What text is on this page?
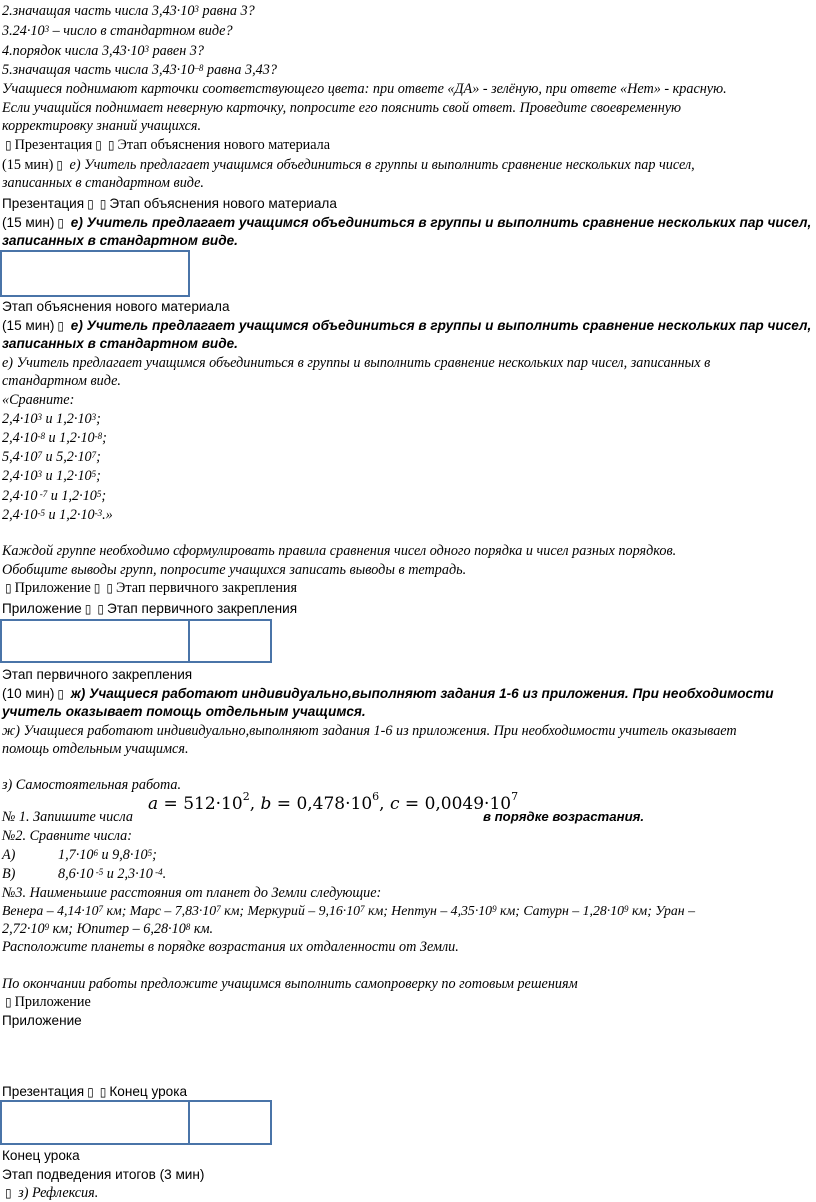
2.значащая часть числа $3,43\cdot 10^3$ равна 3?
$3.24\cdot 10^3$ – число в стандартном виде?
4.порядок числа $3,43\cdot 10^3$ равен 3?
5.значащая часть числа $3,43\cdot 10^{-8}$ равна 3,43?
Учащиеся поднимают карточки соответствующего цвета: при ответе «ДА» - зелёную, при ответе «Нет» - красную.
Если учащийся поднимает неверную карточку, попросите его пояснить свой ответ. Проведите своевременную
корректировку знаний учащихся.
▯ Презентация ▯ ▯ Этап объяснения нового материала
(15 мин) ▯ е) Учитель предлагает учащимся объединиться в группы и выполнить сравнение нескольких пар чисел,
записанных в стандартном виде.
Презентация ▯ ▯ Этап объяснения нового материала
(15 мин) ▯ е) Учитель предлагает учащимся объединиться в группы и выполнить сравнение нескольких пар чисел,
записанных в стандартном виде.
Этап объяснения нового материала
(15 мин) ▯ е) Учитель предлагает учащимся объединиться в группы и выполнить сравнение нескольких пар чисел,
записанных в стандартном виде.
е) Учитель предлагает учащимся объединиться в группы и выполнить сравнение нескольких пар чисел, записанных в
стандартном виде.
«Сравните:
$2,4\cdot 10^3$ и $1,2\cdot 10^3$;
$2,4\cdot 10^{-8}$ и $1,2\cdot 10^{-8}$;
$5,4\cdot 10^7$ и $5,2\cdot 10^7$;
$2,4\cdot 10^3$ и $1,2\cdot 10^5$;
2,4·10 $^{-7}$ и $1,2\cdot 10^5$;
$2,4\cdot 10^{-5}$ и $1,2\cdot 10^{-3}$.»
Каждой группе необходимо сформулировать правила сравнения чисел одного порядка и чисел разных порядков.
Обобщите выводы групп, попросите учащихся записать выводы в тетрадь.
▯ Приложение ▯ ▯ Этап первичного закрепления
Приложение ▯ ▯ Этап первичного закрепления
Этап первичного закрепления
(10 мин) ▯ ж) Учащиеся работают индивидуально,выполняют задания 1-6 из приложения. При необходимости
учитель оказывает помощь отдельным учащимся.
ж) Учащиеся работают индивидуально,выполняют задания 1-6 из приложения. При необходимости учитель оказывает
помощь отдельным учащимся.
з) Самостоятельная работа.
№ 1. Запишите числа
$a = 512\cdot 10^2$, $b = 0,478\cdot 10^6$, $c = 0,0049\cdot 10^7$
в порядке возрастания.
№2. Сравните числа:
А)	$1,7\cdot 10^6$ и $9,8\cdot 10^5$;
В)	8,6·10 $^{-5}$ и 2,3·10 $^{-4}$.
№3. Наименьшие расстояния от планет до Земли следующие:
Венера – $4,14\cdot 10^7$ км; Марс – $7,83\cdot 10^7$ км; Меркурий – $9,16\cdot 10^7$ км; Нептун – $4,35\cdot 10^9$ км; Сатурн – $1,28\cdot 10^9$ км; Уран –
$2,72\cdot 10^9$ км; Юпитер – $6,28\cdot 10^8$ км.
Расположите планеты в порядке возрастания их отдаленности от Земли.
По окончании работы предложите учащимся выполнить самопроверку по готовым решениям
▯ Приложение
Приложение
Презентация ▯ ▯ Конец урока
Конец урока
Этап подведения итогов (3 мин)
▯ з) Рефлексия.
